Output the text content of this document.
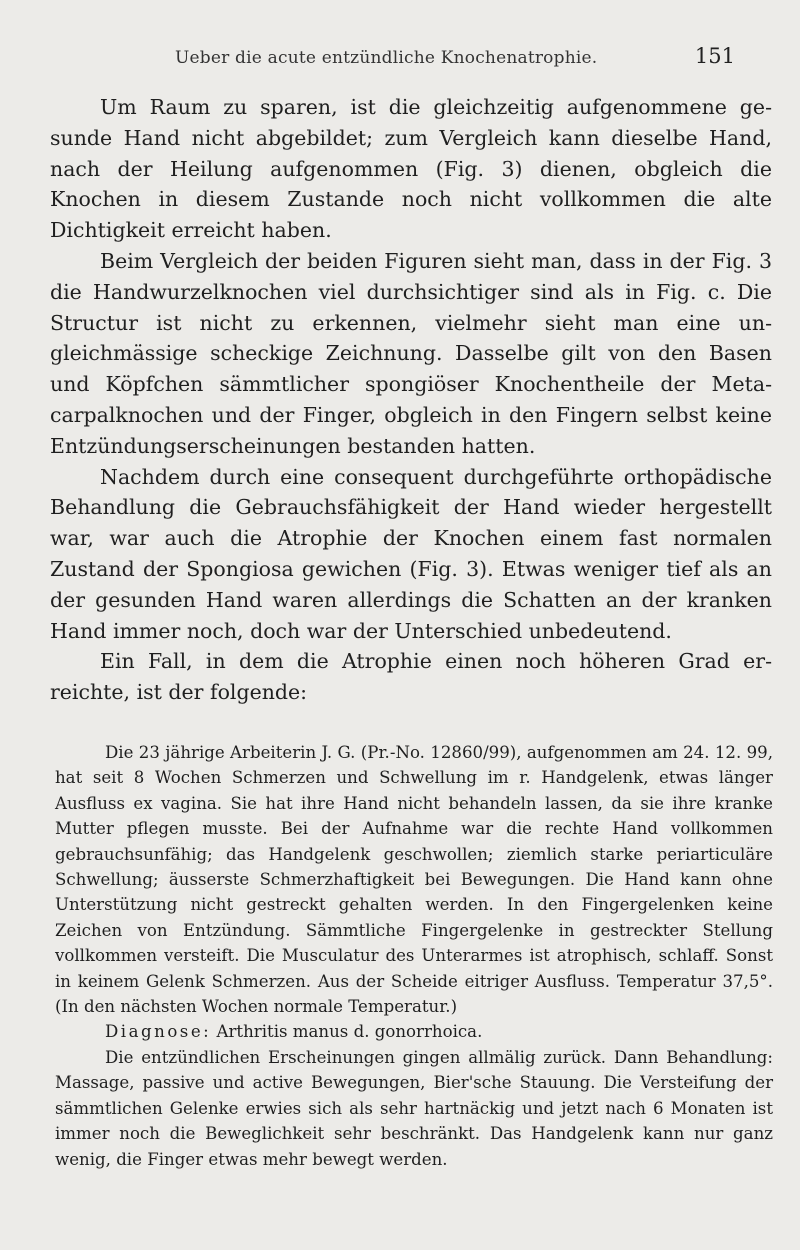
Ueber die acute entzündliche Knochenatrophie.	151

Um Raum zu sparen, ist die gleichzeitig aufgenommene gesunde Hand nicht abgebildet; zum Vergleich kann dieselbe Hand, nach der Heilung aufgenommen (Fig. 3) dienen, obgleich die Knochen in diesem Zustande noch nicht vollkommen die alte Dichtigkeit erreicht haben.

Beim Vergleich der beiden Figuren sieht man, dass in der Fig. 3 die Handwurzelknochen viel durchsichtiger sind als in Fig. c. Die Structur ist nicht zu erkennen, vielmehr sieht man eine ungleichmässige scheckige Zeichnung. Dasselbe gilt von den Basen und Köpfchen sämmtlicher spongiöser Knochentheile der Metacarpalknochen und der Finger, obgleich in den Fingern selbst keine Entzündungserscheinungen bestanden hatten.

Nachdem durch eine consequent durchgeführte orthopädische Behandlung die Gebrauchsfähigkeit der Hand wieder hergestellt war, war auch die Atrophie der Knochen einem fast normalen Zustand der Spongiosa gewichen (Fig. 3). Etwas weniger tief als an der gesunden Hand waren allerdings die Schatten an der kranken Hand immer noch, doch war der Unterschied unbedeutend.

Ein Fall, in dem die Atrophie einen noch höheren Grad erreichte, ist der folgende:

Die 23 jährige Arbeiterin J. G. (Pr.-No. 12860/99), aufgenommen am 24. 12. 99, hat seit 8 Wochen Schmerzen und Schwellung im r. Handgelenk, etwas länger Ausfluss ex vagina. Sie hat ihre Hand nicht behandeln lassen, da sie ihre kranke Mutter pflegen musste. Bei der Aufnahme war die rechte Hand vollkommen gebrauchsunfähig; das Handgelenk geschwollen; ziemlich starke periarticuläre Schwellung; äusserste Schmerzhaftigkeit bei Bewegungen. Die Hand kann ohne Unterstützung nicht gestreckt gehalten werden. In den Fingergelenken keine Zeichen von Entzündung. Sämmtliche Fingergelenke in gestreckter Stellung vollkommen versteift. Die Musculatur des Unterarmes ist atrophisch, schlaff. Sonst in keinem Gelenk Schmerzen. Aus der Scheide eitriger Ausfluss. Temperatur 37,5°. (In den nächsten Wochen normale Temperatur.)

Diagnose: Arthritis manus d. gonorrhoica.

Die entzündlichen Erscheinungen gingen allmälig zurück. Dann Behandlung: Massage, passive und active Bewegungen, Bier'sche Stauung. Die Versteifung der sämmtlichen Gelenke erwies sich als sehr hartnäckig und jetzt nach 6 Monaten ist immer noch die Beweglichkeit sehr beschränkt. Das Handgelenk kann nur ganz wenig, die Finger etwas mehr bewegt werden.
